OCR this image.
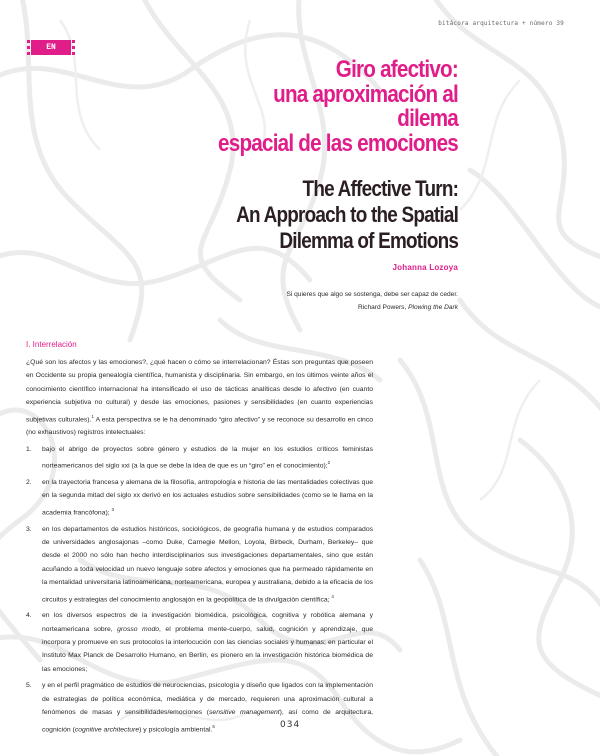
bitácora arquitectura + número 39
EN
Giro afectivo:
una aproximación al
dilema
espacial de las emociones
The Affective Turn:
An Approach to the Spatial
Dilemma of Emotions
Johanna Lozoya
Si quieres que algo se sostenga, debe ser capaz de ceder.
Richard Powers, Plowing the Dark
I. Interrelación
¿Qué son los afectos y las emociones?, ¿qué hacen o cómo se interrelacionan? Éstas son preguntas que poseen en Occidente su propia genealogía científica, humanista y disciplinaria. Sin embargo, en los últimos veinte años el conocimiento científico internacional ha intensificado el uso de tácticas analíticas desde lo afectivo (en cuanto experiencia subjetiva no cultural) y desde las emociones, pasiones y sensibilidades (en cuanto experiencias subjetivas culturales).$^1$ A esta perspectiva se le ha denominado “giro afectivo” y se reconoce su desarrollo en cinco (no exhaustivos) registros intelectuales:
1. bajo el abrigo de proyectos sobre género y estudios de la mujer en los estudios críticos feministas norteamericanos del siglo xxi (a la que se debe la idea de que es un “giro” en el conocimiento);$^2$
2. en la trayectoria francesa y alemana de la filosofía, antropología e historia de las mentalidades colectivas que en la segunda mitad del siglo xx derivó en los actuales estudios sobre sensibilidades (como se le llama en la academia francófona); $^3$
3. en los departamentos de estudios históricos, sociológicos, de geografía humana y de estudios comparados de universidades anglosajonas –como Duke, Carnegie Mellon, Loyola, Birbeck, Durham, Berkeley– que desde el 2000 no sólo han hecho interdisciplinarios sus investigaciones departamentales, sino que están acuñando a toda velocidad un nuevo lenguaje sobre afectos y emociones que ha permeado rápidamente en la mentalidad universitaria latinoamericana, norteamericana, europea y australiana, debido a la eficacia de los circuitos y estrategias del conocimiento anglosajón en la geopolítica de la divulgación científica; $^4$
4. en los diversos espectros de la investigación biomédica, psicológica, cognitiva y robótica alemana y norteamericana sobre, grosso modo, el problema mente-cuerpo, salud, cognición y aprendizaje, que incorpora y promueve en sus protocolos la interlocución con las ciencias sociales y humanas; en particular el Instituto Max Planck de Desarrollo Humano, en Berlín, es pionero en la investigación histórica biomédica de las emociones;
5. y en el perfil pragmático de estudios de neurociencias, psicología y diseño que ligados con la implementación de estrategias de política económica, mediática y de mercado, requieren una aproximación cultural a fenómenos de masas y sensibilidades/emociones (sensitive management), así como de arquitectura, cognición (cognitive architecture) y psicología ambiental.$^5$	034
